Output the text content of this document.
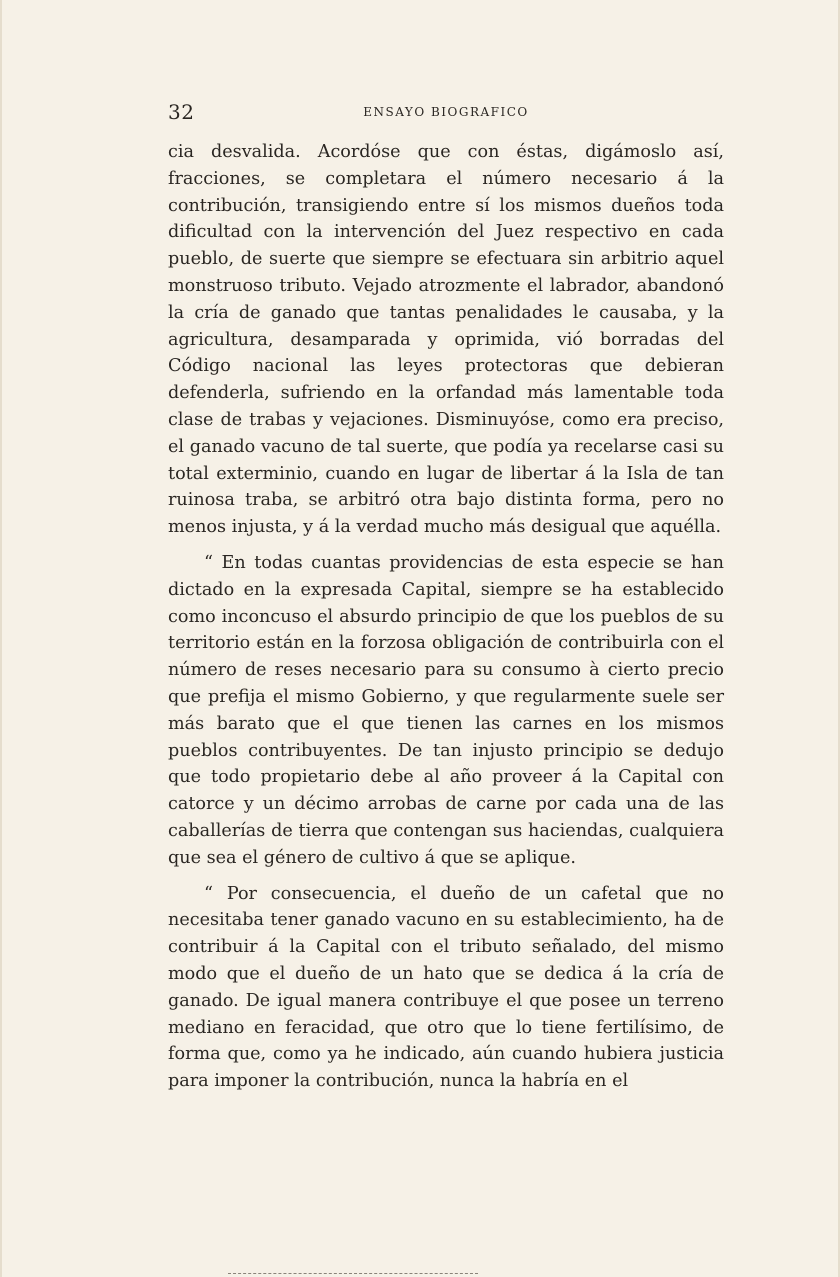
32	ENSAYO BIOGRAFICO

cia desvalida. Acordóse que con éstas, digámoslo así, fracciones, se completara el número necesario á la contribución, transigiendo entre sí los mismos dueños toda dificultad con la intervención del Juez respectivo en cada pueblo, de suerte que siempre se efectuara sin arbitrio aquel monstruoso tributo. Vejado atrozmente el labrador, abandonó la cría de ganado que tantas penalidades le causaba, y la agricultura, desamparada y oprimida, vió borradas del Código nacional las leyes protectoras que debieran defenderla, sufriendo en la orfandad más lamentable toda clase de trabas y vejaciones. Disminuyóse, como era preciso, el ganado vacuno de tal suerte, que podía ya recelarse casi su total exterminio, cuando en lugar de libertar á la Isla de tan ruinosa traba, se arbitró otra bajo distinta forma, pero no menos injusta, y á la verdad mucho más desigual que aquélla.

“ En todas cuantas providencias de esta especie se han dictado en la expresada Capital, siempre se ha establecido como inconcuso el absurdo principio de que los pueblos de su territorio están en la forzosa obligación de contribuirla con el número de reses necesario para su consumo à cierto precio que prefija el mismo Gobierno, y que regularmente suele ser más barato que el que tienen las carnes en los mismos pueblos contribuyentes. De tan injusto principio se dedujo que todo propietario debe al año proveer á la Capital con catorce y un décimo arrobas de carne por cada una de las caballerías de tierra que contengan sus haciendas, cualquiera que sea el género de cultivo á que se aplique.

“ Por consecuencia, el dueño de un cafetal que no necesitaba tener ganado vacuno en su establecimiento, ha de contribuir á la Capital con el tributo señalado, del mismo modo que el dueño de un hato que se dedica á la cría de ganado. De igual manera contribuye el que posee un terreno mediano en feracidad, que otro que lo tiene fertilísimo, de forma que, como ya he indicado, aún cuando hubiera justicia para imponer la contribución, nunca la habría en el
